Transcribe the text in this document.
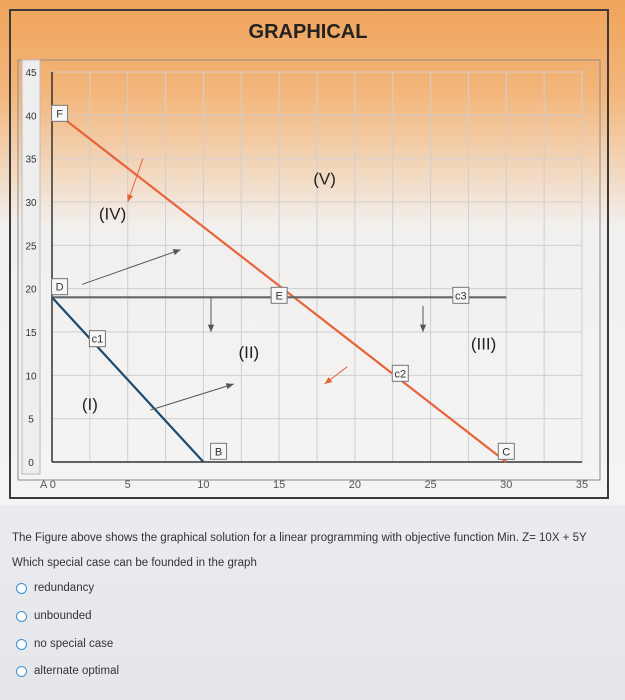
GRAPHICAL
45
40
35
30
25
20
15
10
5
0
A 0	5	10	15	20	25	30	35
F
D
E	c3
c1
c2
B	C
(IV)
(V)
(II)	(III)
(I)
The Figure above shows the graphical solution for a linear programming with objective function Min. Z= 10X + 5Y
Which special case can be founded in the graph
redundancy
unbounded
no special case
alternate optimal
